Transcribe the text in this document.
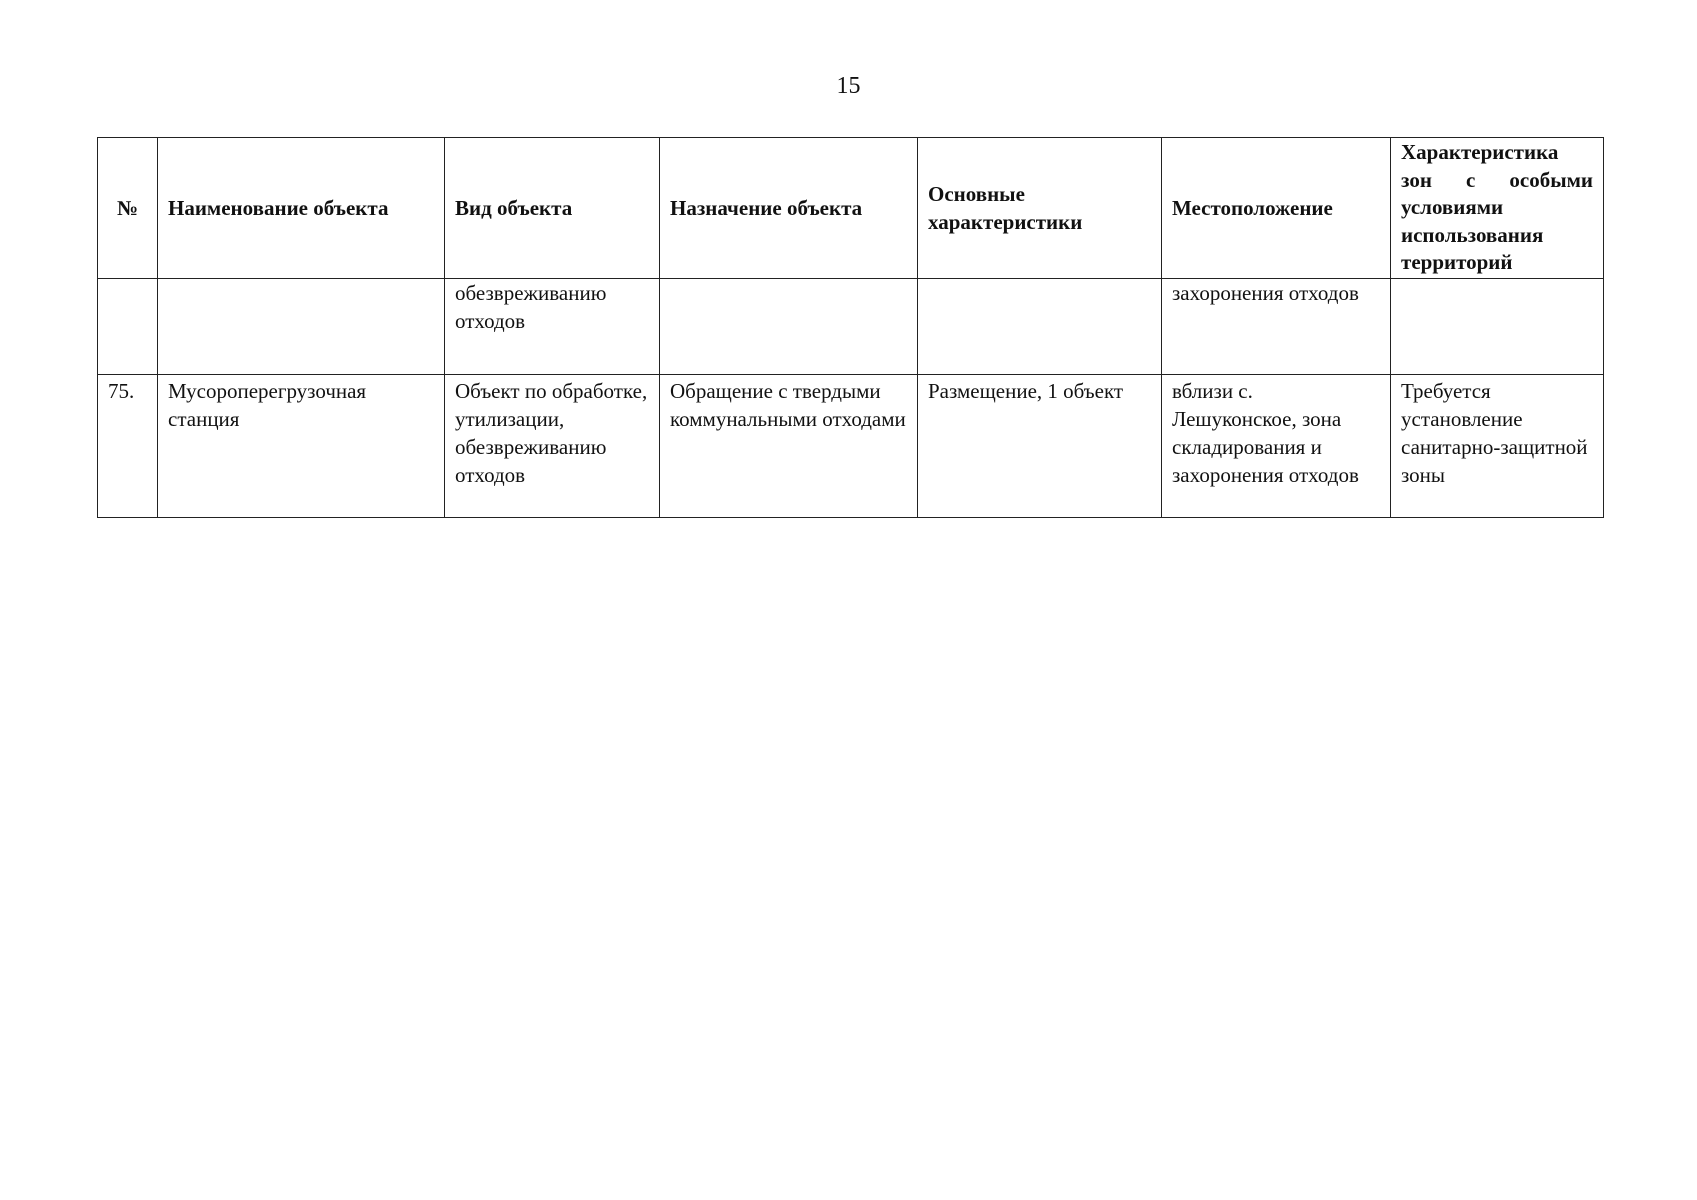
15
№	Наименование объекта	Вид объекта	Назначение объекта	Основные характеристики	Местоположение	Характеристика зон с особыми условиями использования территорий
		обезвреживанию отходов			захоронения отходов	
75.	Мусороперегрузочная станция	Объект по обработке, утилизации, обезвреживанию отходов	Обращение с твердыми коммунальными отходами	Размещение, 1 объект	вблизи с. Лешуконское, зона складирования и захоронения отходов	Требуется установление санитарно-защитной зоны
